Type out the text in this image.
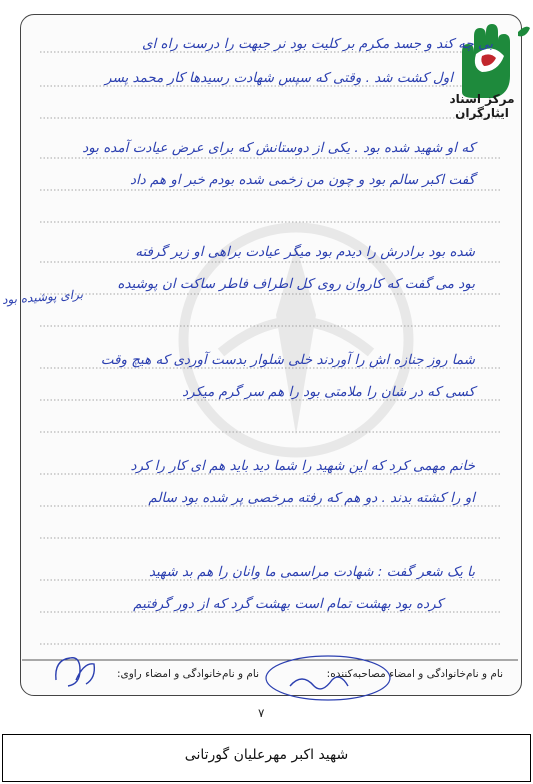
مرکز اسناد ایثارگران
بی چه کند و جسد مکرم بر کلیت بود نر جبهت را درست راه ای
اول کشت شد . وقتی که سپس شهادت رسیدها کار محمد پسر
که او شهید شده بود . یکی از دوستانش که برای عرض عیادت آمده بود
گفت اکبر سالم بود و چون من زخمی شده بودم خبر او هم داد
شده بود برادرش را دیدم بود میگر عیادت براهی او زیر گرفته
بود می گفت که کاروان روی کل اطراف فاطر ساکت ان پوشیده
شما روز جنازه اش را آوردند خلی شلوار بدست آوردی که هیچ وقت
کسی که در شان را ملامتی بود را هم سر گرم میکرد
خانم مهمی کرد که این شهید را شما دید باید هم ای کار را کرد
او را کشته بدند . دو هم که رفته مرخصی پر شده بود سالم
با یک شعر گفت : شهادت مراسمی ما وانان را هم بد شهید
کرده بود بهشت تمام است بهشت گرد که از دور گرفتیم
برای پوشیده بود
نام و نام‌خانوادگی و امضاء مصاحبه‌کننده:
نام و نام‌خانوادگی و امضاء راوی:
۷
شهید اکبر مهرعلیان گورتانی
